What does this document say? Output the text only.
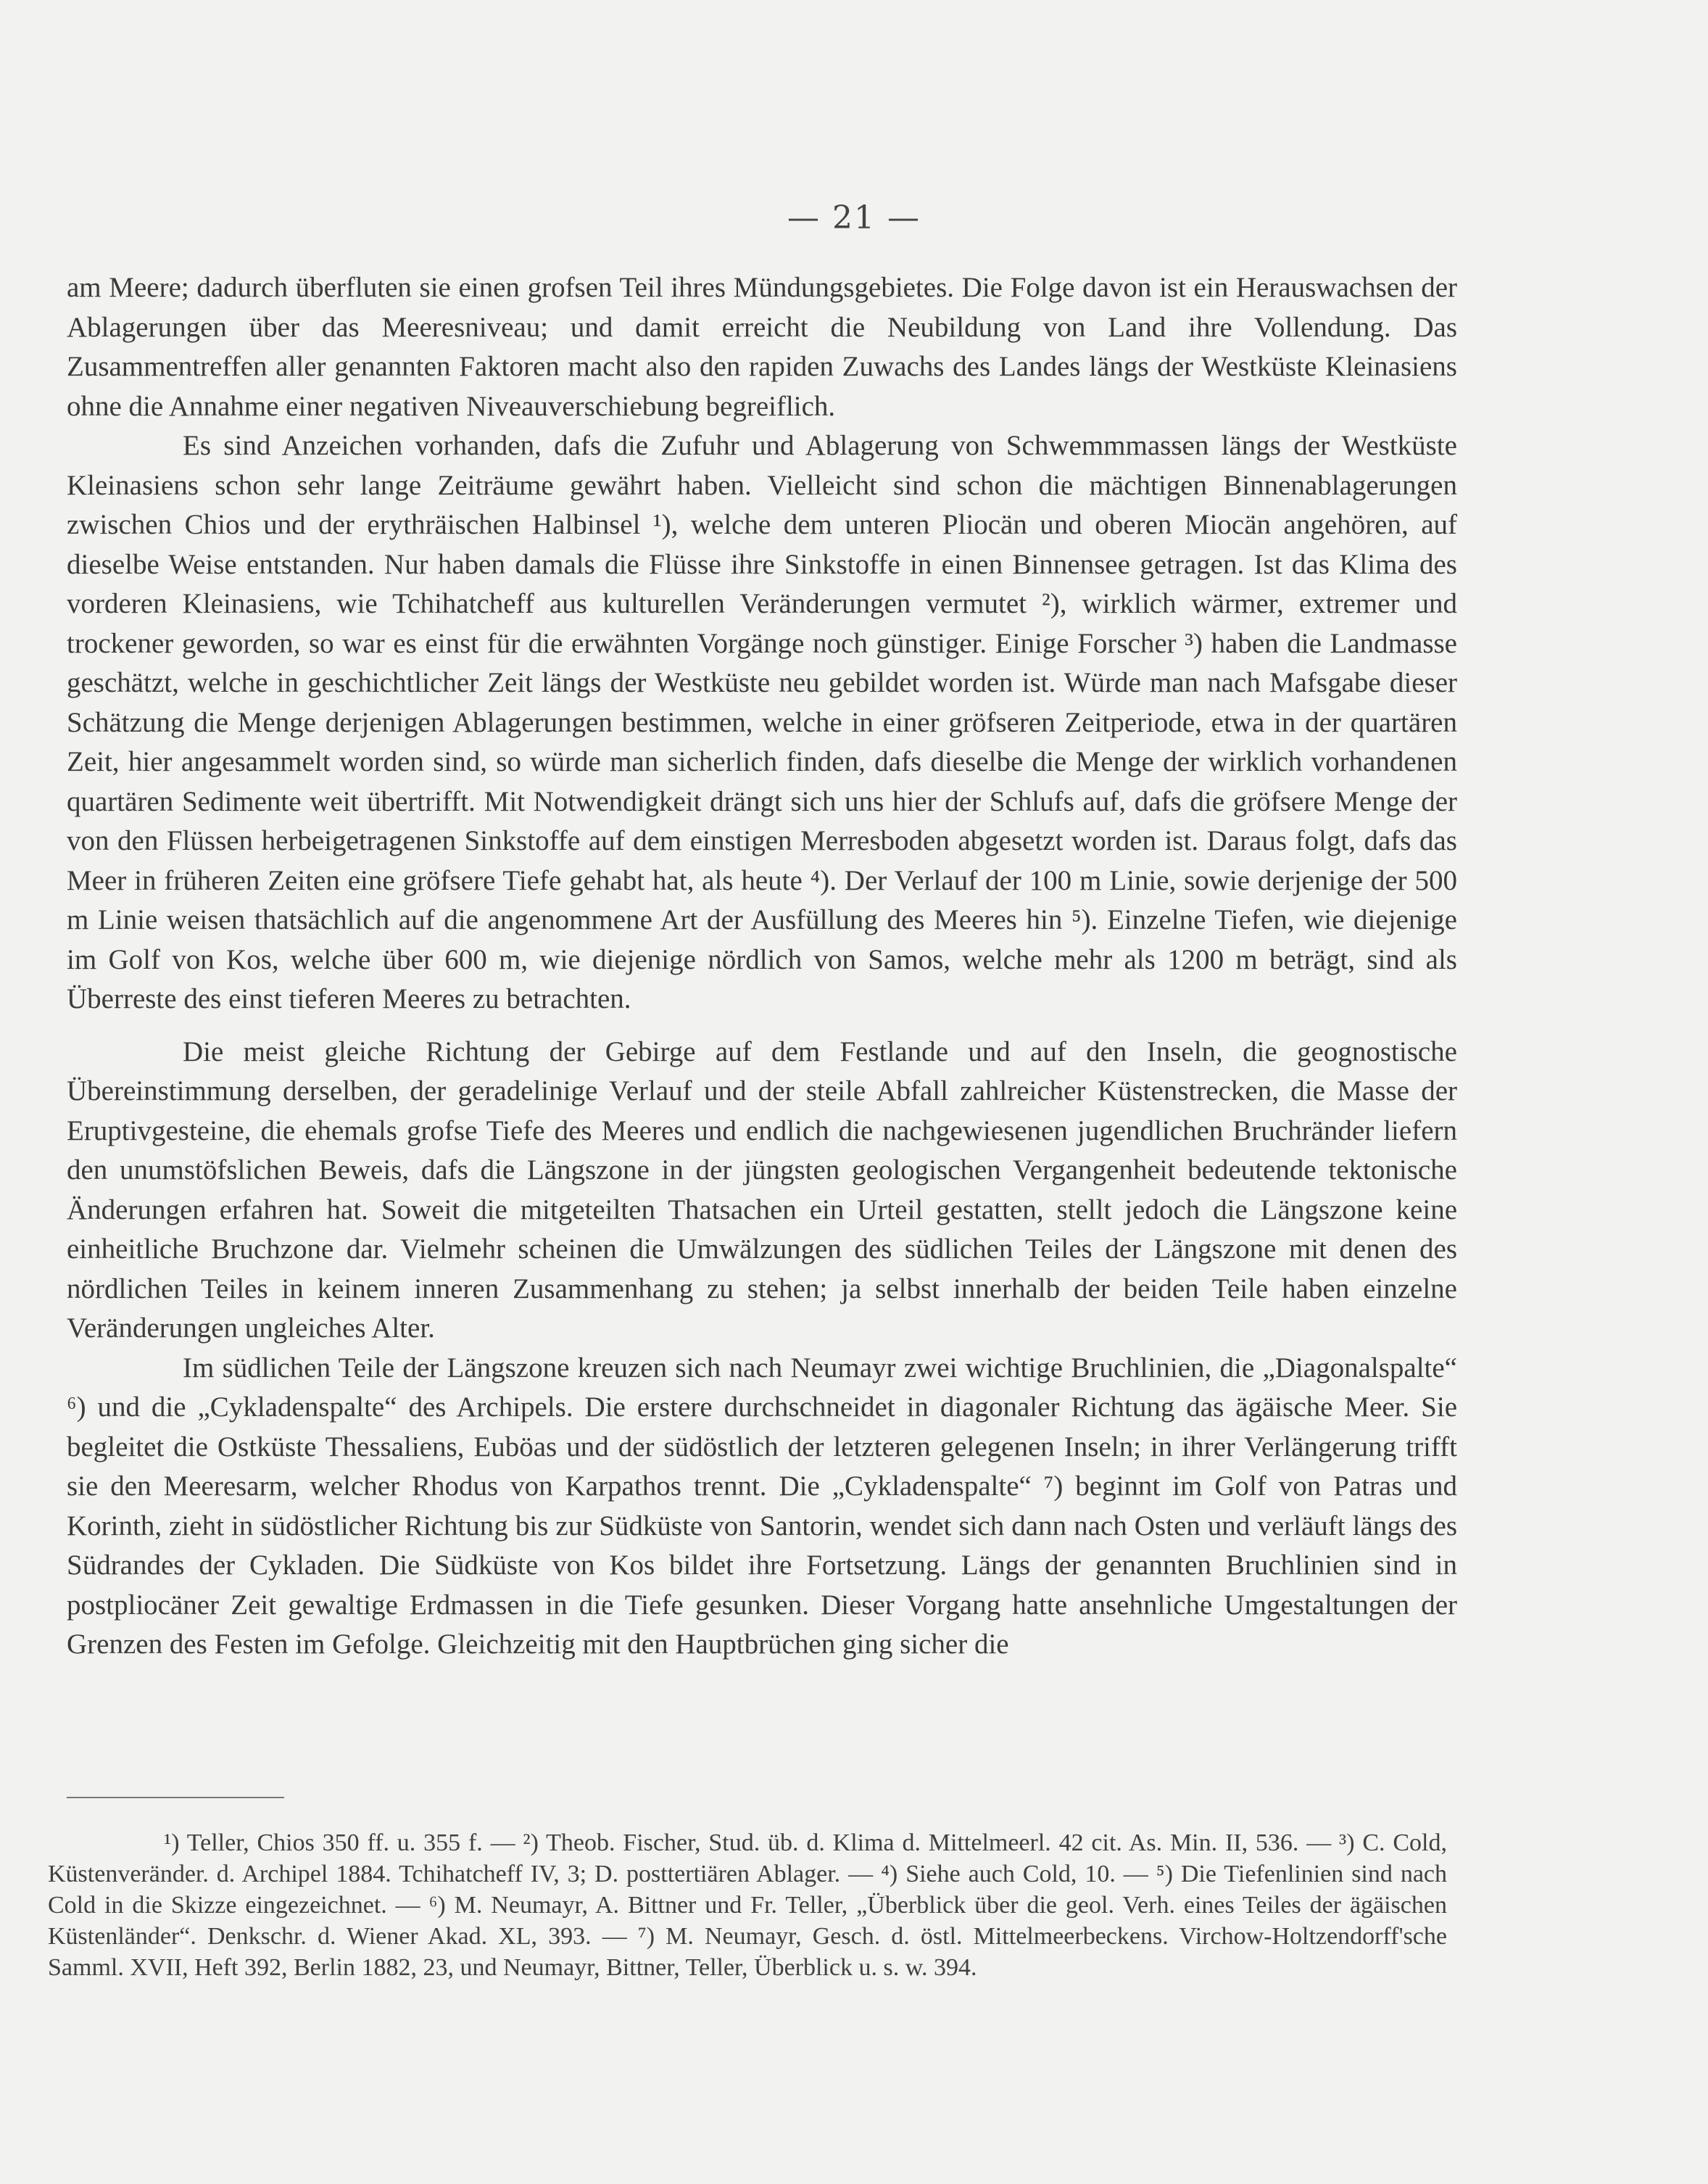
— 21 —

am Meere; dadurch überfluten sie einen grofsen Teil ihres Mündungsgebietes. Die Folge davon ist ein Herauswachsen der Ablagerungen über das Meeresniveau; und damit erreicht die Neubildung von Land ihre Vollendung. Das Zusammentreffen aller genannten Faktoren macht also den rapiden Zuwachs des Landes längs der Westküste Kleinasiens ohne die Annahme einer negativen Niveauverschiebung begreiflich.

Es sind Anzeichen vorhanden, dafs die Zufuhr und Ablagerung von Schwemmmassen längs der Westküste Kleinasiens schon sehr lange Zeiträume gewährt haben. Vielleicht sind schon die mächtigen Binnenablagerungen zwischen Chios und der erythräischen Halbinsel ¹), welche dem unteren Pliocän und oberen Miocän angehören, auf dieselbe Weise entstanden. Nur haben damals die Flüsse ihre Sinkstoffe in einen Binnensee getragen. Ist das Klima des vorderen Kleinasiens, wie Tchihatcheff aus kulturellen Veränderungen vermutet ²), wirklich wärmer, extremer und trockener geworden, so war es einst für die erwähnten Vorgänge noch günstiger. Einige Forscher ³) haben die Landmasse geschätzt, welche in geschichtlicher Zeit längs der Westküste neu gebildet worden ist. Würde man nach Mafsgabe dieser Schätzung die Menge derjenigen Ablagerungen bestimmen, welche in einer gröfseren Zeitperiode, etwa in der quartären Zeit, hier angesammelt worden sind, so würde man sicherlich finden, dafs dieselbe die Menge der wirklich vorhandenen quartären Sedimente weit übertrifft. Mit Notwendigkeit drängt sich uns hier der Schlufs auf, dafs die gröfsere Menge der von den Flüssen herbeigetragenen Sinkstoffe auf dem einstigen Merresboden abgesetzt worden ist. Daraus folgt, dafs das Meer in früheren Zeiten eine gröfsere Tiefe gehabt hat, als heute ⁴). Der Verlauf der 100 m Linie, sowie derjenige der 500 m Linie weisen thatsächlich auf die angenommene Art der Ausfüllung des Meeres hin ⁵). Einzelne Tiefen, wie diejenige im Golf von Kos, welche über 600 m, wie diejenige nördlich von Samos, welche mehr als 1200 m beträgt, sind als Überreste des einst tieferen Meeres zu betrachten.

Die meist gleiche Richtung der Gebirge auf dem Festlande und auf den Inseln, die geognostische Übereinstimmung derselben, der geradelinige Verlauf und der steile Abfall zahlreicher Küstenstrecken, die Masse der Eruptivgesteine, die ehemals grofse Tiefe des Meeres und endlich die nachgewiesenen jugendlichen Bruchränder liefern den unumstöfslichen Beweis, dafs die Längszone in der jüngsten geologischen Vergangenheit bedeutende tektonische Änderungen erfahren hat. Soweit die mitgeteilten Thatsachen ein Urteil gestatten, stellt jedoch die Längszone keine einheitliche Bruchzone dar. Vielmehr scheinen die Umwälzungen des südlichen Teiles der Längszone mit denen des nördlichen Teiles in keinem inneren Zusammenhang zu stehen; ja selbst innerhalb der beiden Teile haben einzelne Veränderungen ungleiches Alter.

Im südlichen Teile der Längszone kreuzen sich nach Neumayr zwei wichtige Bruchlinien, die „Diagonalspalte“ ⁶) und die „Cykladenspalte“ des Archipels. Die erstere durchschneidet in diagonaler Richtung das ägäische Meer. Sie begleitet die Ostküste Thessaliens, Euböas und der südöstlich der letzteren gelegenen Inseln; in ihrer Verlängerung trifft sie den Meeresarm, welcher Rhodus von Karpathos trennt. Die „Cykladenspalte“ ⁷) beginnt im Golf von Patras und Korinth, zieht in südöstlicher Richtung bis zur Südküste von Santorin, wendet sich dann nach Osten und verläuft längs des Südrandes der Cykladen. Die Südküste von Kos bildet ihre Fortsetzung. Längs der genannten Bruchlinien sind in postpliocäner Zeit gewaltige Erdmassen in die Tiefe gesunken. Dieser Vorgang hatte ansehnliche Umgestaltungen der Grenzen des Festen im Gefolge. Gleichzeitig mit den Hauptbrüchen ging sicher die

¹) Teller, Chios 350 ff. u. 355 f. — ²) Theob. Fischer, Stud. üb. d. Klima d. Mittelmeerl. 42 cit. As. Min. II, 536. — ³) C. Cold, Küstenveränder. d. Archipel 1884. Tchihatcheff IV, 3; D. posttertiären Ablager. — ⁴) Siehe auch Cold, 10. — ⁵) Die Tiefenlinien sind nach Cold in die Skizze eingezeichnet. — ⁶) M. Neumayr, A. Bittner und Fr. Teller, „Überblick über die geol. Verh. eines Teiles der ägäischen Küstenländer“. Denkschr. d. Wiener Akad. XL, 393. — ⁷) M. Neumayr, Gesch. d. östl. Mittelmeerbeckens. Virchow-Holtzendorff'sche Samml. XVII, Heft 392, Berlin 1882, 23, und Neumayr, Bittner, Teller, Überblick u. s. w. 394.
